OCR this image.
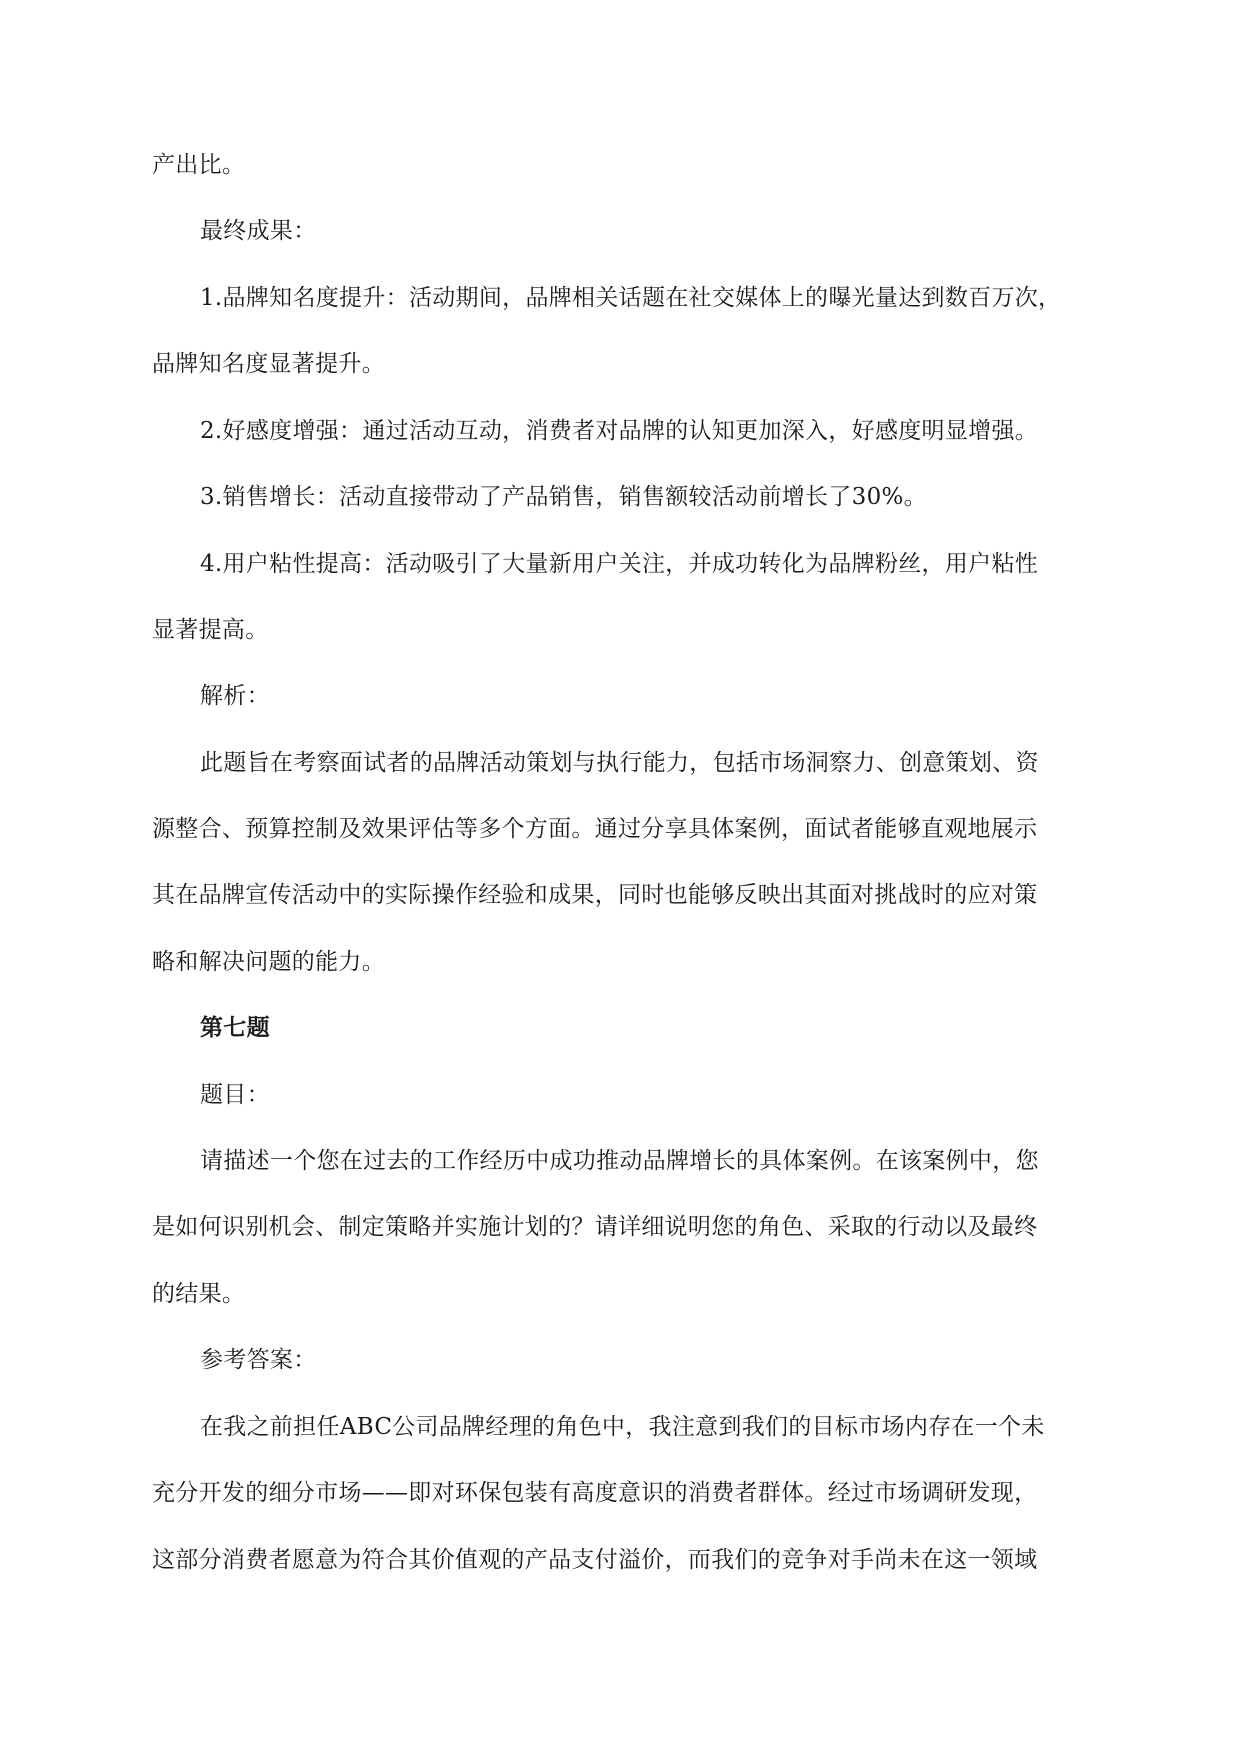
产出比。

最终成果：

1.品牌知名度提升：活动期间，品牌相关话题在社交媒体上的曝光量达到数百万次，

品牌知名度显著提升。

2.好感度增强：通过活动互动，消费者对品牌的认知更加深入，好感度明显增强。

3.销售增长：活动直接带动了产品销售，销售额较活动前增长了30%。

4.用户粘性提高：活动吸引了大量新用户关注，并成功转化为品牌粉丝，用户粘性

显著提高。

解析：

此题旨在考察面试者的品牌活动策划与执行能力，包括市场洞察力、创意策划、资

源整合、预算控制及效果评估等多个方面。通过分享具体案例，面试者能够直观地展示

其在品牌宣传活动中的实际操作经验和成果，同时也能够反映出其面对挑战时的应对策

略和解决问题的能力。

第七题

题目：

请描述一个您在过去的工作经历中成功推动品牌增长的具体案例。在该案例中，您

是如何识别机会、制定策略并实施计划的？请详细说明您的角色、采取的行动以及最终

的结果。

参考答案：

在我之前担任ABC公司品牌经理的角色中，我注意到我们的目标市场内存在一个未

充分开发的细分市场——即对环保包装有高度意识的消费者群体。经过市场调研发现，

这部分消费者愿意为符合其价值观的产品支付溢价，而我们的竞争对手尚未在这一领域
